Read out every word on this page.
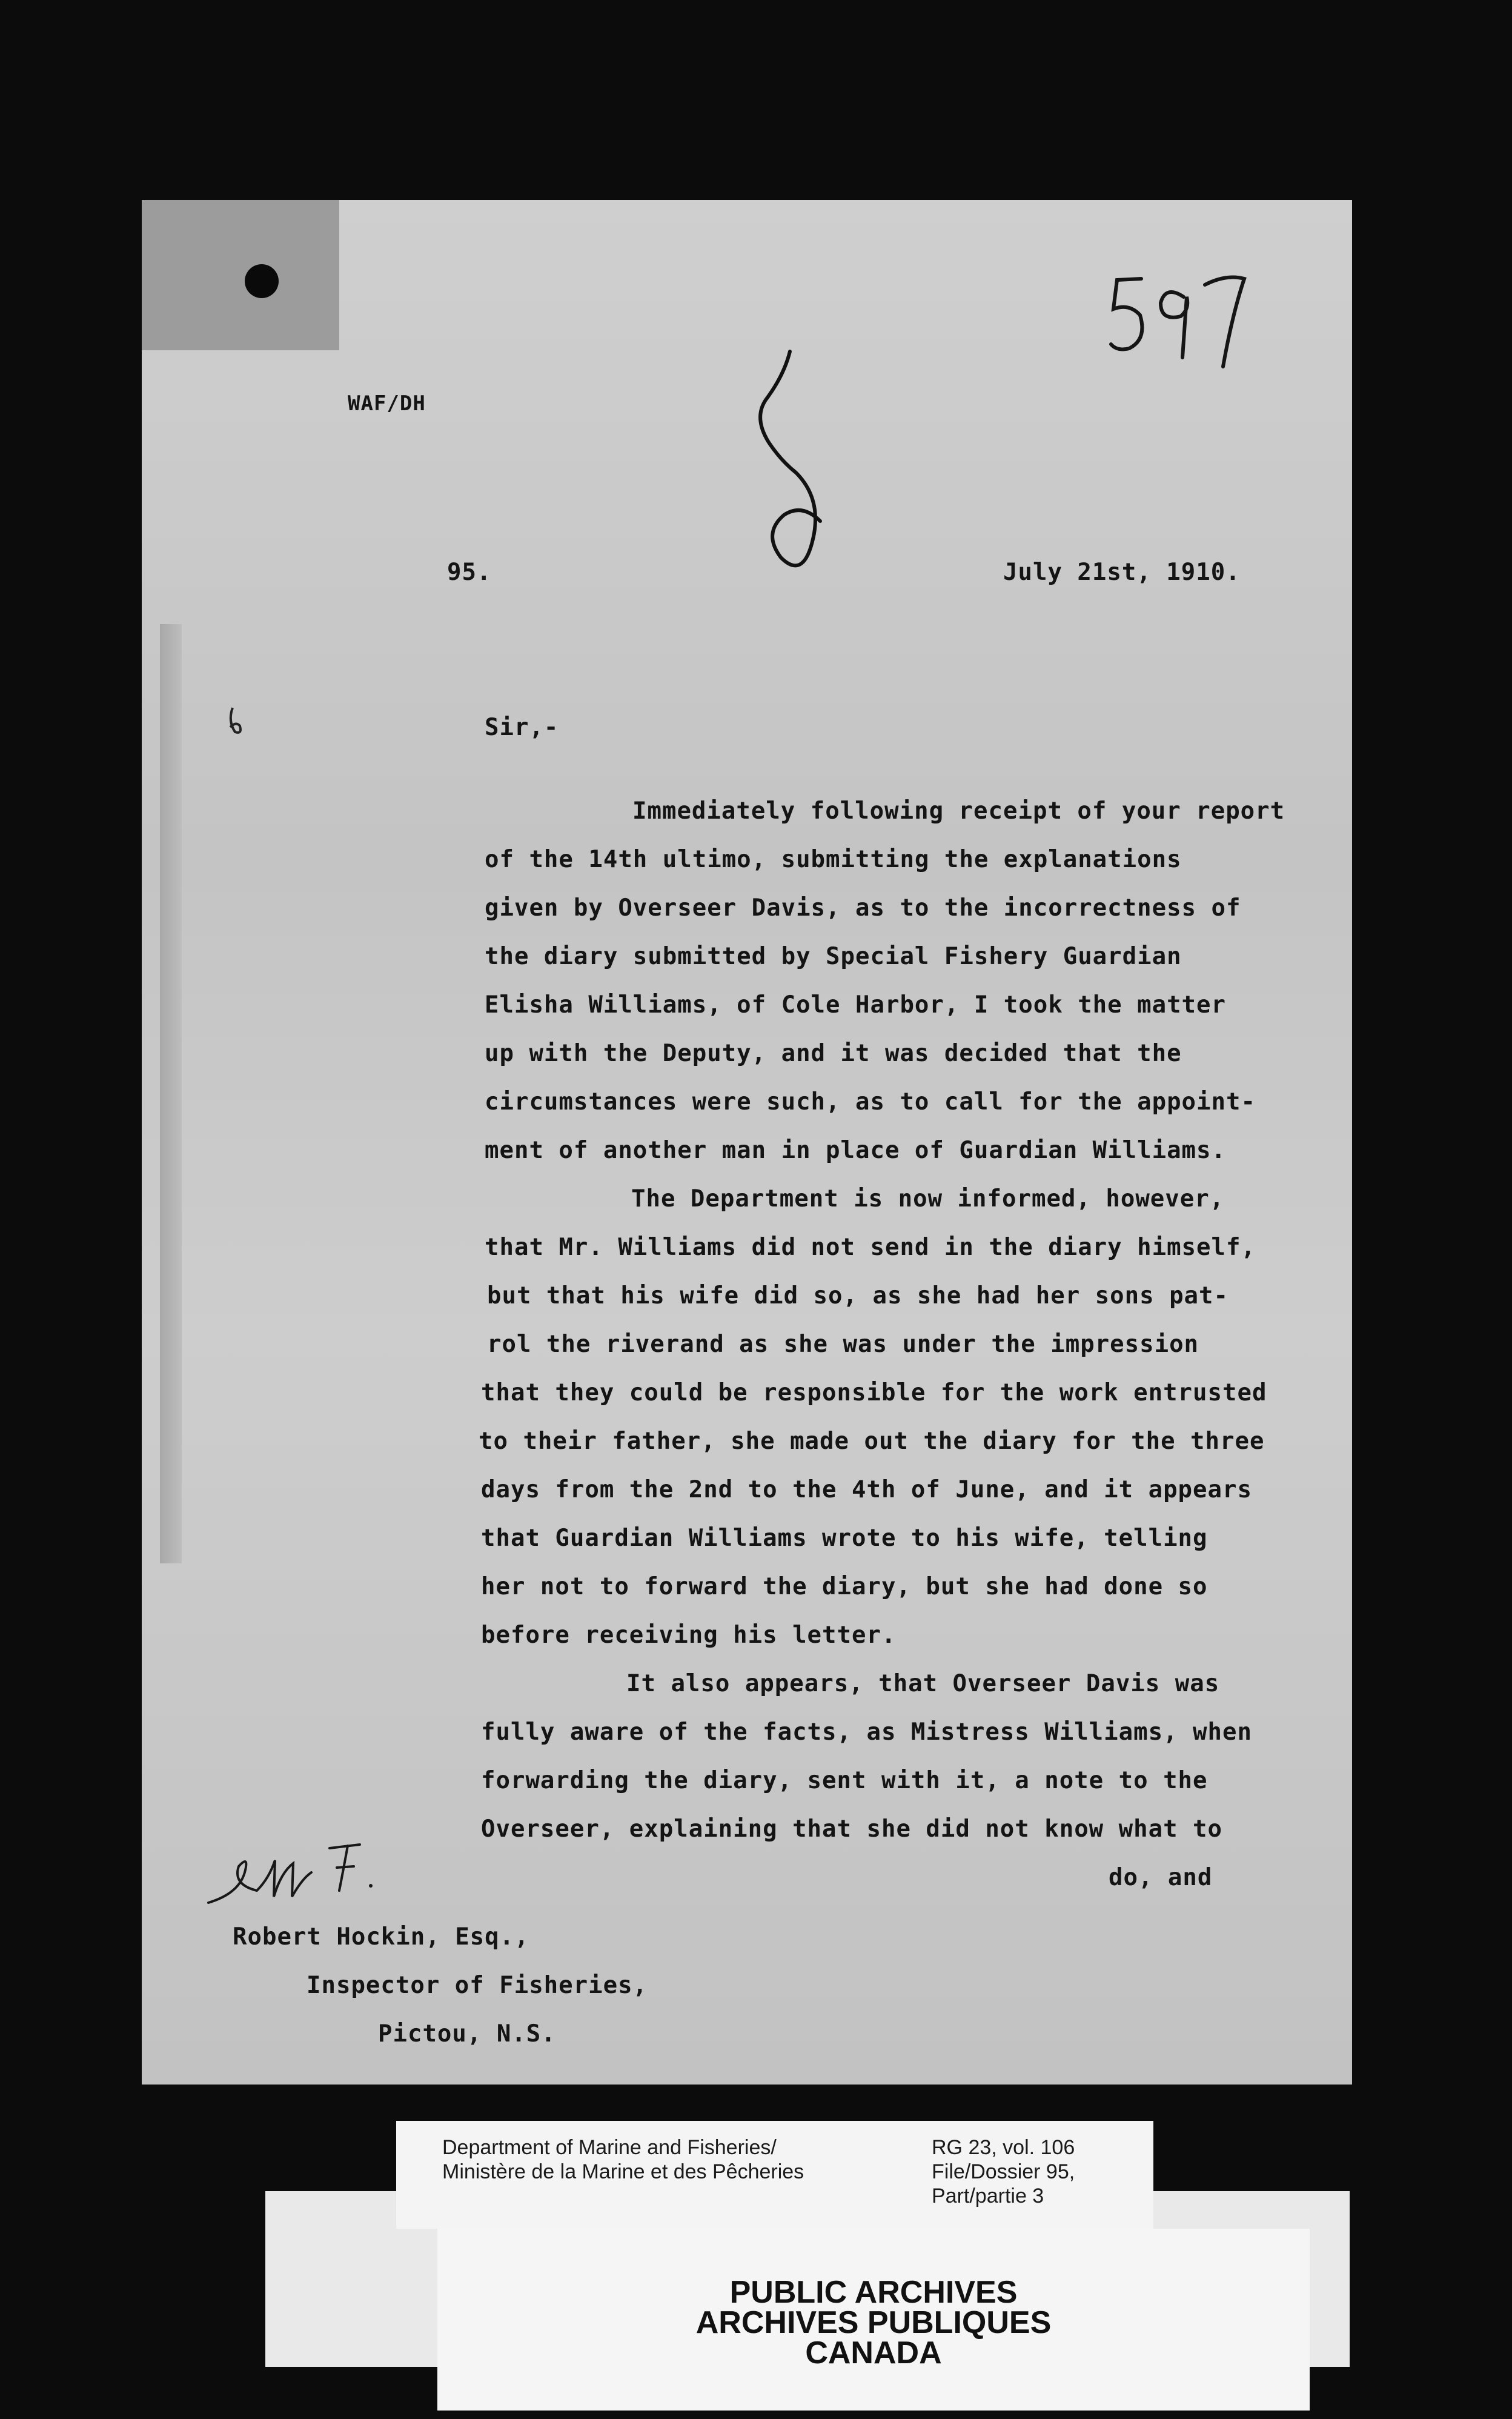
WAF/DH
95.	July 21st, 1910.
Sir,-
Immediately following receipt of your report
of the 14th ultimo, submitting the explanations
given by Overseer Davis, as to the incorrectness of
the diary submitted by Special Fishery Guardian
Elisha Williams, of Cole Harbor, I took the matter
up with the Deputy, and it was decided that the
circumstances were such, as to call for the appoint-
ment of another man in place of Guardian Williams.
The Department is now informed, however,
that Mr. Williams did not send in the diary himself,
but that his wife did so, as she had her sons pat-
rol the riverand as she was under the impression
that they could be responsible for the work entrusted
to their father, she made out the diary for the three
days from the 2nd to the 4th of June, and it appears
that Guardian Williams wrote to his wife, telling
her not to forward the diary, but she had done so
before receiving his letter.
It also appears, that Overseer Davis was
fully aware of the facts, as Mistress Williams, when
forwarding the diary, sent with it, a note to the
Overseer, explaining that she did not know what to
do, and
Robert Hockin, Esq.,
Inspector of Fisheries,
Pictou, N.S.
PUBLIC ARCHIVES
ARCHIVES PUBLIQUES
CANADA
Department of Marine and Fisheries/
Ministère de la Marine et des Pêcheries
RG 23, vol. 106
File/Dossier 95,
Part/partie 3
